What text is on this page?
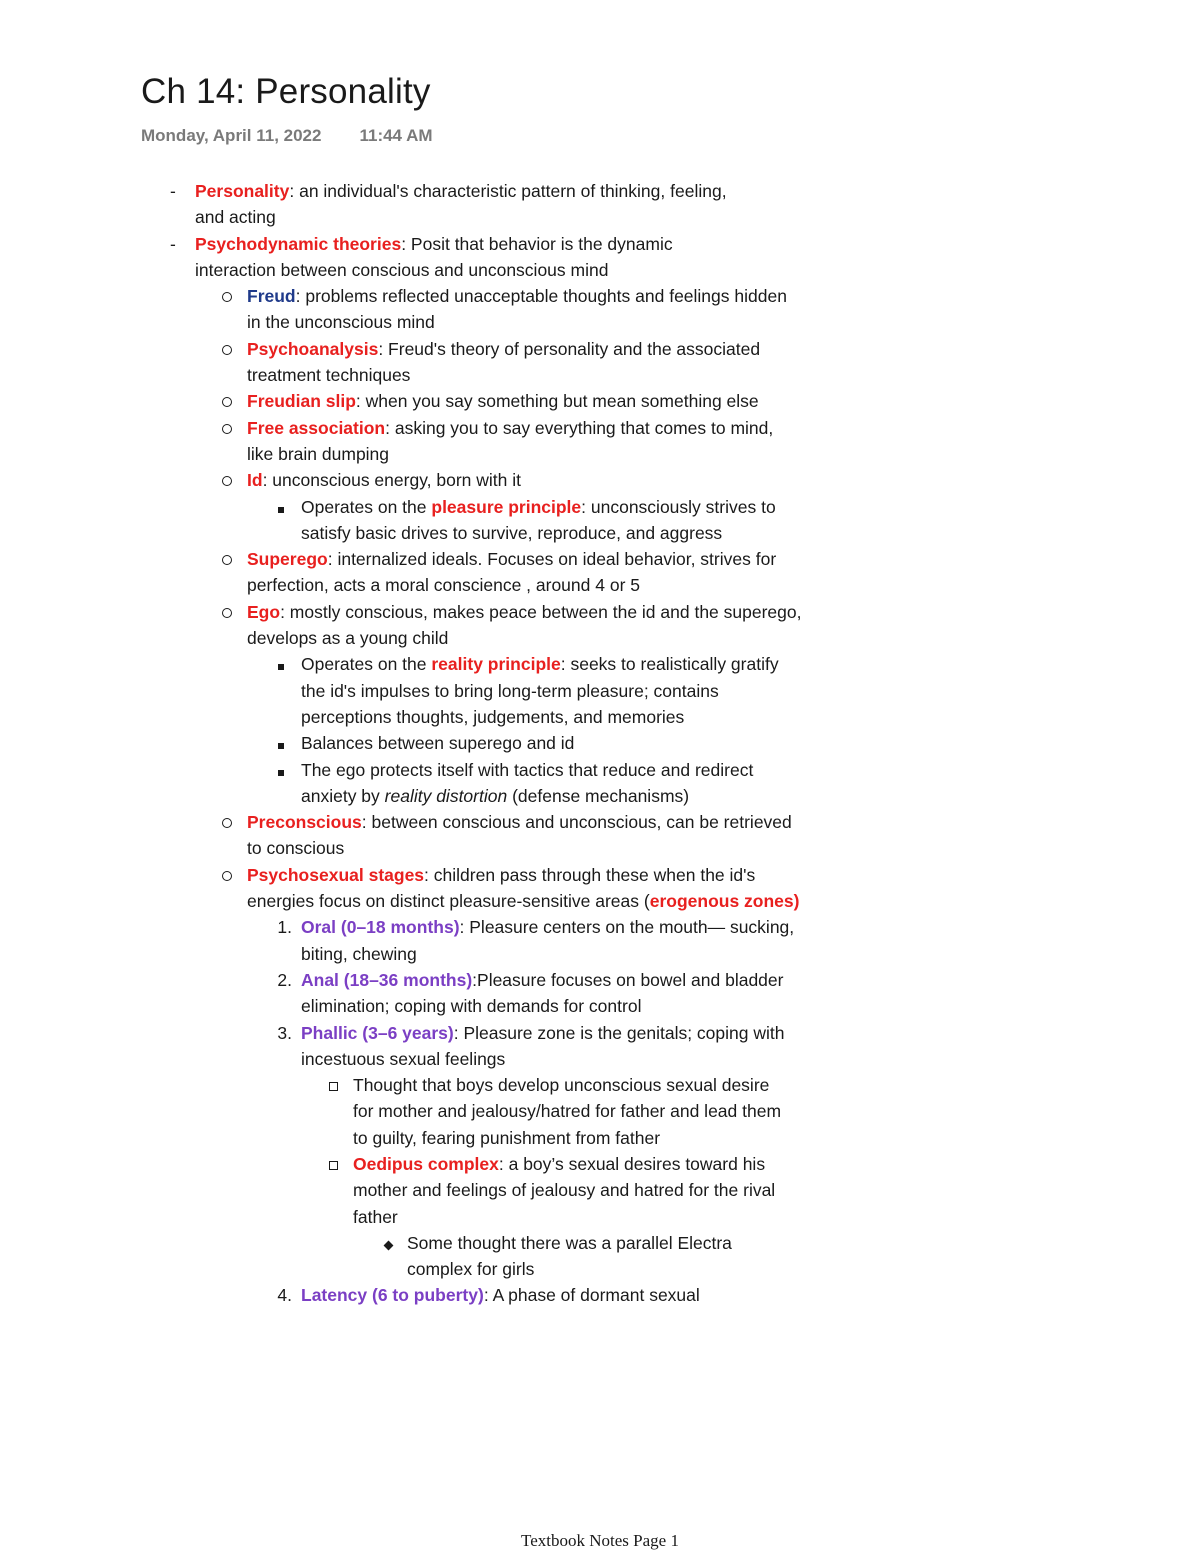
Ch 14: Personality
Monday, April 11, 2022 11:44 AM
- Personality: an individual's characteristic pattern of thinking, feeling, and acting
- Psychodynamic theories: Posit that behavior is the dynamic interaction between conscious and unconscious mind
Freud: problems reflected unacceptable thoughts and feelings hidden in the unconscious mind
Psychoanalysis: Freud's theory of personality and the associated treatment techniques
Freudian slip: when you say something but mean something else
Free association: asking you to say everything that comes to mind, like brain dumping
Id: unconscious energy, born with it
Operates on the pleasure principle: unconsciously strives to satisfy basic drives to survive, reproduce, and aggress
Superego: internalized ideals. Focuses on ideal behavior, strives for perfection, acts a moral conscience , around 4 or 5
Ego: mostly conscious, makes peace between the id and the superego, develops as a young child
Operates on the reality principle: seeks to realistically gratify the id's impulses to bring long-term pleasure; contains perceptions thoughts, judgements, and memories
Balances between superego and id
The ego protects itself with tactics that reduce and redirect anxiety by reality distortion (defense mechanisms)
Preconscious: between conscious and unconscious, can be retrieved to conscious
Psychosexual stages: children pass through these when the id's energies focus on distinct pleasure-sensitive areas (erogenous zones)
1. Oral (0–18 months): Pleasure centers on the mouth— sucking, biting, chewing
2. Anal (18–36 months):Pleasure focuses on bowel and bladder elimination; coping with demands for control
3. Phallic (3–6 years): Pleasure zone is the genitals; coping with incestuous sexual feelings
Thought that boys develop unconscious sexual desire for mother and jealousy/hatred for father and lead them to guilty, fearing punishment from father
Oedipus complex: a boy’s sexual desires toward his mother and feelings of jealousy and hatred for the rival father
Some thought there was a parallel Electra complex for girls
4. Latency (6 to puberty): A phase of dormant sexual
Textbook Notes Page 1
